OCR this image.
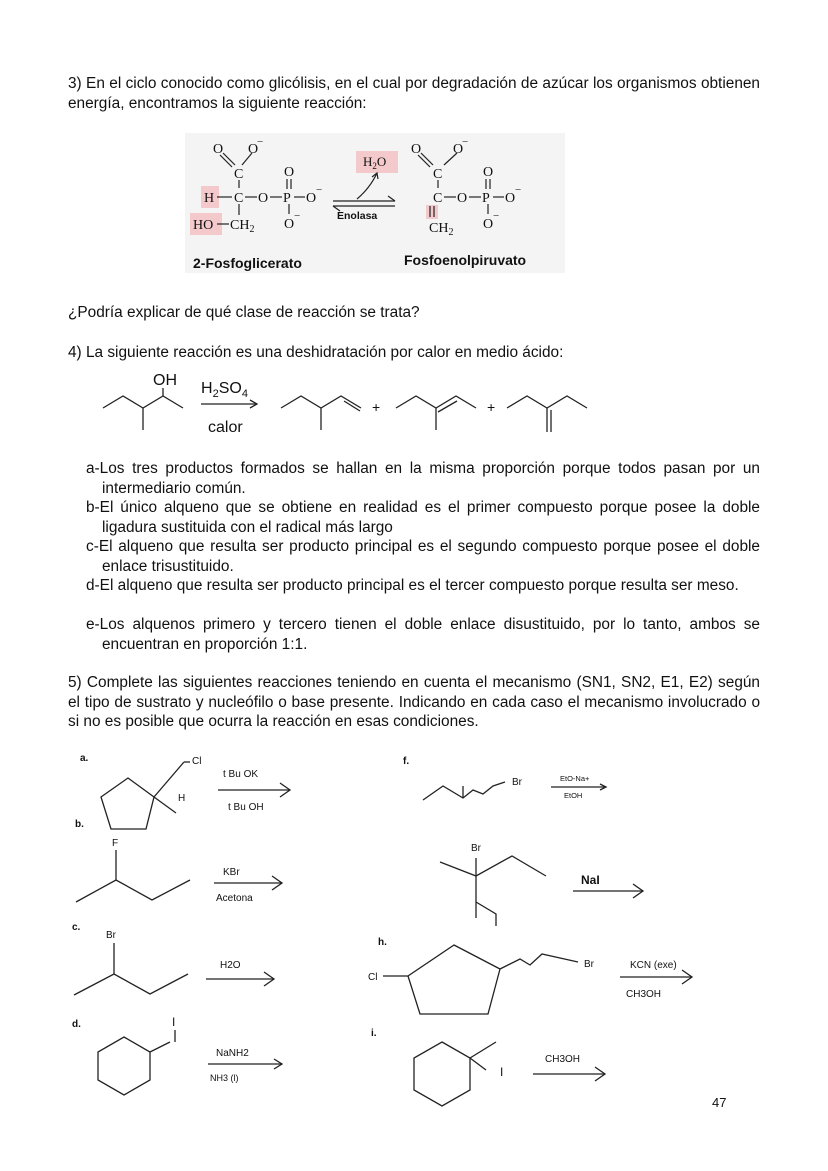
3) En el ciclo conocido como glicólisis, en el cual por degradación de azúcar los organismos obtienen energía, encontramos la siguiente reacción:
O O
−
C
H C O P O
−
O
O
−
HO $CH_2$
$H_2O$
Enolasa
O O
−
C
C O P O
−
O
O
−
$CH_2$
2-Fosfoglicerato	Fosfoenolpiruvato
¿Podría explicar de qué clase de reacción se trata?
4) La siguiente reacción es una deshidratación por calor en medio ácido:
OH $H_2SO_4$
calor
+	+
a-Los tres productos formados se hallan en la misma proporción porque todos pasan por un intermediario común.
b-El único alqueno que se obtiene en realidad es el primer compuesto porque posee la doble ligadura sustituida con el radical más largo
c-El alqueno que resulta ser producto principal es el segundo compuesto porque posee el doble enlace trisustituido.
d-El alqueno que resulta ser producto principal es el tercer compuesto porque resulta ser meso.
e-Los alquenos primero y tercero tienen el doble enlace disustituido, por lo tanto, ambos se encuentran en proporción 1:1.
5) Complete las siguientes reacciones teniendo en cuenta el mecanismo (SN1, SN2, E1, E2) según el tipo de sustrato y nucleófilo o base presente. Indicando en cada caso el mecanismo involucrado o si no es posible que ocurra la reacción en esas condiciones.
a.	Cl
H
t Bu OK
t Bu OH
b.
F
KBr
Acetona
c.
Br
H2O
d.	I
NaNH2
NH3 (l)
f.
Br	EtO-Na+
EtOH
Br
NaI
h.
Cl
Br	KCN (exe)
CH3OH
i.
I
CH3OH
47
